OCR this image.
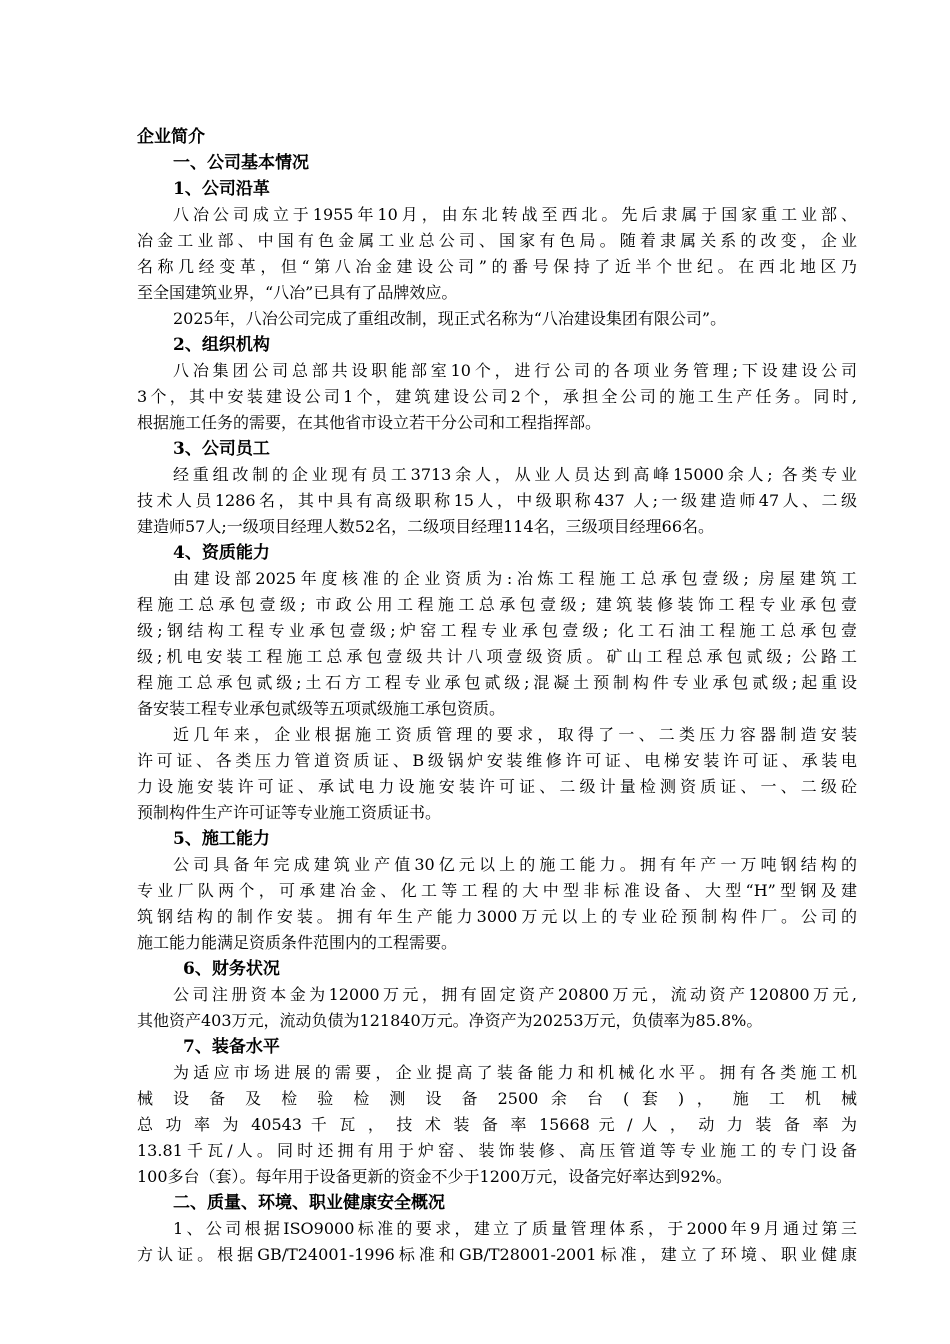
企业简介
一、公司基本情况
1、公司沿革
八冶公司成立于1955年10月，由东北转战至西北。先后隶属于国家重工业部、
冶金工业部、中国有色金属工业总公司、国家有色局。随着隶属关系的改变，企业
名称几经变革，但“第八冶金建设公司”的番号保持了近半个世纪。在西北地区乃
至全国建筑业界，“八冶”已具有了品牌效应。
2025年，八冶公司完成了重组改制，现正式名称为“八冶建设集团有限公司”。
2、组织机构
八冶集团公司总部共设职能部室10个，进行公司的各项业务管理;下设建设公司
3个，其中安装建设公司1个，建筑建设公司2个，承担全公司的施工生产任务。同时,
根据施工任务的需要，在其他省市设立若干分公司和工程指挥部。
3、公司员工
经重组改制的企业现有员工3713余人，从业人员达到高峰15000余人; 各类专业
技术人员1286名，其中具有高级职称15人，中级职称437 人;一级建造师47人、二级
建造师57人;一级项目经理人数52名，二级项目经理114名，三级项目经理66名。
4、资质能力
由建设部2025年度核准的企业资质为:冶炼工程施工总承包壹级; 房屋建筑工
程施工总承包壹级; 市政公用工程施工总承包壹级; 建筑装修装饰工程专业承包壹
级;钢结构工程专业承包壹级;炉窑工程专业承包壹级; 化工石油工程施工总承包壹
级;机电安装工程施工总承包壹级共计八项壹级资质。矿山工程总承包贰级; 公路工
程施工总承包贰级;土石方工程专业承包贰级;混凝土预制构件专业承包贰级;起重设
备安装工程专业承包贰级等五项贰级施工承包资质。
近几年来，企业根据施工资质管理的要求，取得了一、二类压力容器制造安装
许可证、各类压力管道资质证、B级锅炉安装维修许可证、电梯安装许可证、承装电
力设施安装许可证、承试电力设施安装许可证、二级计量检测资质证、一、二级砼
预制构件生产许可证等专业施工资质证书。
5、施工能力
公司具备年完成建筑业产值30亿元以上的施工能力。拥有年产一万吨钢结构的
专业厂队两个，可承建冶金、化工等工程的大中型非标准设备、大型“H”型钢及建
筑钢结构的制作安装。拥有年生产能力3000万元以上的专业砼预制构件厂。公司的
施工能力能满足资质条件范围内的工程需要。
6、财务状况
公司注册资本金为12000万元，拥有固定资产20800万元，流动资产120800万元,
其他资产403万元，流动负债为121840万元。净资产为20253万元，负债率为85.8%。
7、装备水平
为适应市场进展的需要，企业提高了装备能力和机械化水平。拥有各类施工机
械 设 备 及 检 验 检 测 设 备 2500 余 台 ( 套 ) ， 施 工 机 械
总 功 率 为 40543 千 瓦 ， 技 术 装 备 率 15668 元 / 人 ， 动 力 装 备 率 为
13.81千瓦/人。同时还拥有用于炉窑、装饰装修、高压管道等专业施工的专门设备
100多台（套）。每年用于设备更新的资金不少于1200万元，设备完好率达到92%。
二、质量、环境、职业健康安全概况
1、公司根据ISO9000标准的要求，建立了质量管理体系，于2000年9月通过第三
方认证。根据GB/T24001-1996标准和GB/T28001-2001标准，建立了环境、职业健康
